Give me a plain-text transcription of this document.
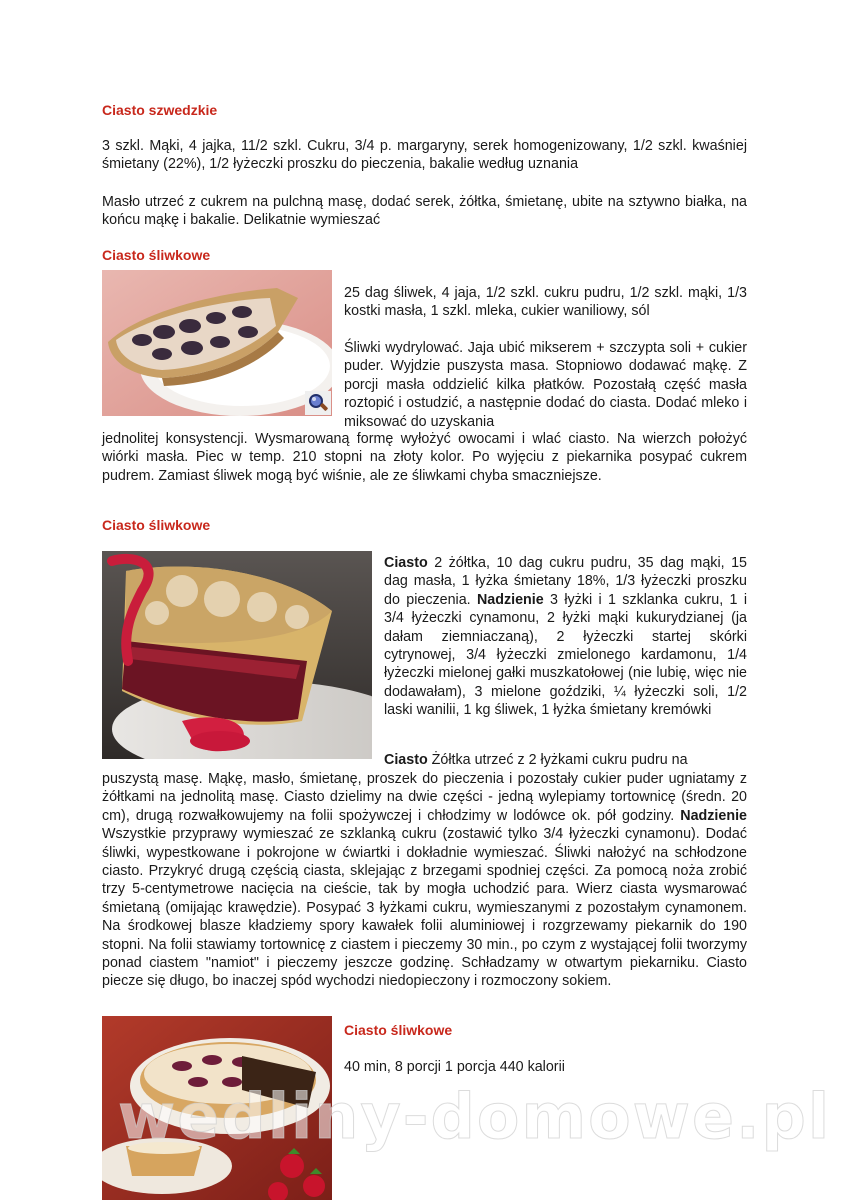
Ciasto szwedzkie

3 szkl. Mąki, 4 jajka, 11/2 szkl. Cukru, 3/4 p. margaryny, serek homogenizowany, 1/2 szkl. kwaśniej śmietany (22%), 1/2 łyżeczki proszku do pieczenia, bakalie według uznania

Masło utrzeć z cukrem na pulchną masę, dodać serek, żółtka, śmietanę, ubite na sztywno białka, na końcu mąkę i bakalie. Delikatnie wymieszać

Ciasto śliwkowe

25 dag śliwek, 4 jaja, 1/2 szkl. cukru pudru, 1/2 szkl. mąki, 1/3 kostki masła, 1 szkl. mleka, cukier waniliowy, sól

Śliwki wydrylować. Jaja ubić mikserem + szczypta soli + cukier puder. Wyjdzie puszysta masa. Stopniowo dodawać mąkę. Z porcji masła oddzielić kilka płatków. Pozostałą część masła roztopić i ostudzić, a następnie dodać do ciasta. Dodać mleko i miksować do uzyskania

jednolitej konsystencji. Wysmarowaną formę wyłożyć owocami i wlać ciasto. Na wierzch położyć wiórki masła. Piec w temp. 210 stopni na złoty kolor. Po wyjęciu z piekarnika posypać cukrem pudrem. Zamiast śliwek mogą być wiśnie, ale ze śliwkami chyba smaczniejsze.

Ciasto śliwkowe

Ciasto 2 żółtka, 10 dag cukru pudru, 35 dag mąki, 15 dag masła, 1 łyżka śmietany 18%, 1/3 łyżeczki proszku do pieczenia. Nadzienie 3 łyżki i 1 szklanka cukru, 1 i 3/4 łyżeczki cynamonu, 2 łyżki mąki kukurydzianej (ja dałam ziemniaczaną), 2 łyżeczki startej skórki cytrynowej, 3/4 łyżeczki zmielonego kardamonu, 1/4 łyżeczki mielonej gałki muszkatołowej (nie lubię, więc nie dodawałam), 3 mielone goździki, ¼ łyżeczki soli, 1/2 laski wanilii, 1 kg śliwek, 1 łyżka śmietany kremówki

Ciasto Żółtka utrzeć z 2 łyżkami cukru pudru na

puszystą masę. Mąkę, masło, śmietanę, proszek do pieczenia i pozostały cukier puder ugniatamy z żółtkami na jednolitą masę. Ciasto dzielimy na dwie części - jedną wylepiamy tortownicę (średn. 20 cm), drugą rozwałkowujemy na folii spożywczej i chłodzimy w lodówce ok. pół godziny. Nadzienie Wszystkie przyprawy wymieszać ze szklanką cukru (zostawić tylko 3/4 łyżeczki cynamonu). Dodać śliwki, wypestkowane i pokrojone w ćwiartki i dokładnie wymieszać. Śliwki nałożyć na schłodzone ciasto. Przykryć drugą częścią ciasta, sklejając z brzegami spodniej części. Za pomocą noża zrobić trzy 5-centymetrowe nacięcia na cieście, tak by mogła uchodzić para. Wierz ciasta wysmarować śmietaną (omijając krawędzie). Posypać 3 łyżkami cukru, wymieszanymi z pozostałym cynamonem. Na środkowej blasze kładziemy spory kawałek folii aluminiowej i rozgrzewamy piekarnik do 190 stopni. Na folii stawiamy tortownicę z ciastem i pieczemy 30 min., po czym z wystającej folii tworzymy ponad ciastem "namiot" i pieczemy jeszcze godzinę. Schładzamy w otwartym piekarniku. Ciasto piecze się długo, bo inaczej spód wychodzi niedopieczony i rozmoczony sokiem.

Ciasto śliwkowe

40 min, 8 porcji 1 porcja 440 kalorii

wedliny-domowe.pl
